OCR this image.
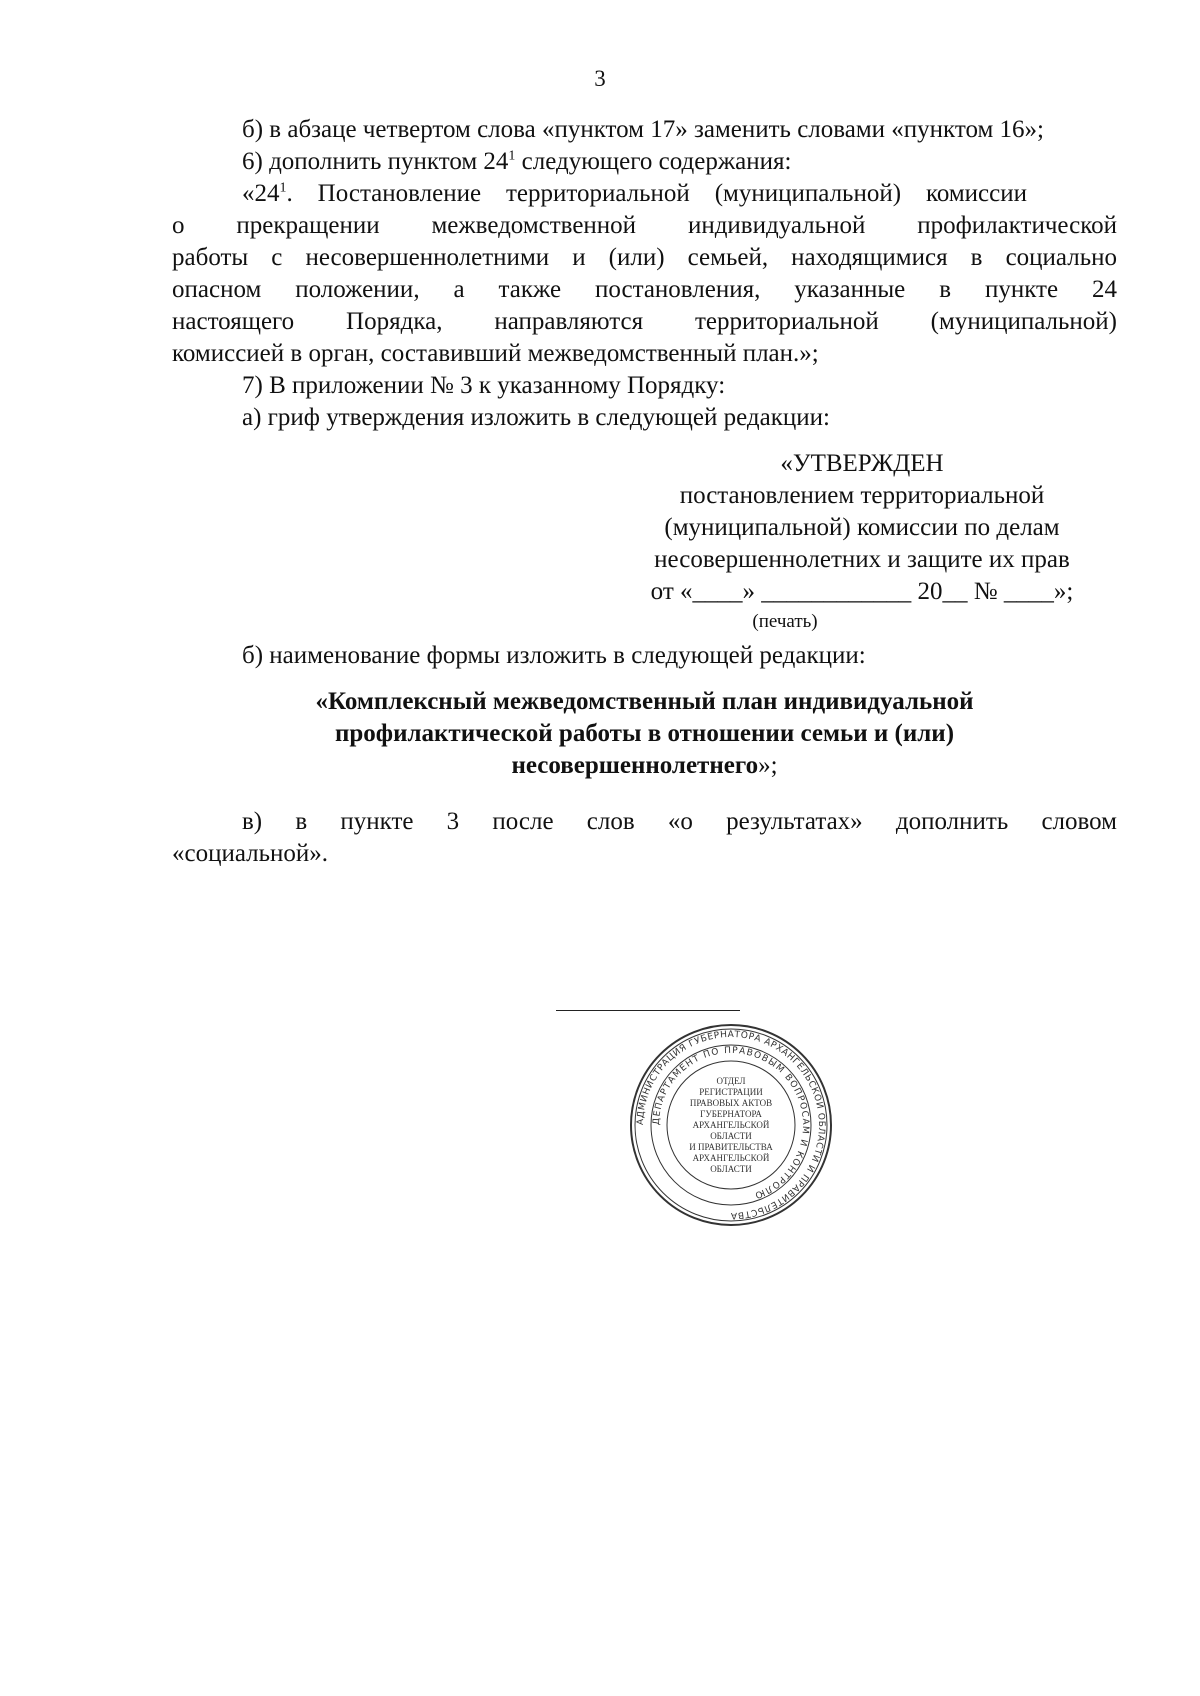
3
б) в абзаце четвертом слова «пунктом 17» заменить словами «пунктом 16»;
6) дополнить пунктом $24^1$ следующего содержания:
«$24^1$. Постановление территориальной (муниципальной) комиссии
о прекращении межведомственной индивидуальной профилактической
работы с несовершеннолетними и (или) семьей, находящимися в социально
опасном положении, а также постановления, указанные в пункте 24
настоящего Порядка, направляются территориальной (муниципальной)
комиссией в орган, составивший межведомственный план.»;
7) В приложении № 3 к указанному Порядку:
а) гриф утверждения изложить в следующей редакции:
«УТВЕРЖДЕН
постановлением территориальной
(муниципальной) комиссии по делам
несовершеннолетних и защите их прав
от «____» ____________ 20__ № ____»;
(печать)
б) наименование формы изложить в следующей редакции:
«Комплексный межведомственный план индивидуальной
профилактической работы в отношении семьи и (или)
несовершеннолетнего»;
в) в пункте 3 после слов «о результатах» дополнить словом
«социальной».
АДМИНИСТРАЦИЯ ГУБЕРНАТОРА АРХАНГЕЛЬСКОЙ ОБЛАСТИ И ПРАВИТЕЛЬСТВА
ДЕПАРТАМЕНТ ПО ПРАВОВЫМ ВОПРОСАМ И КОНТРОЛЮ
ОТДЕЛ
РЕГИСТРАЦИИ
ПРАВОВЫХ АКТОВ
ГУБЕРНАТОРА
АРХАНГЕЛЬСКОЙ
ОБЛАСТИ
И ПРАВИТЕЛЬСТВА
АРХАНГЕЛЬСКОЙ
ОБЛАСТИ
